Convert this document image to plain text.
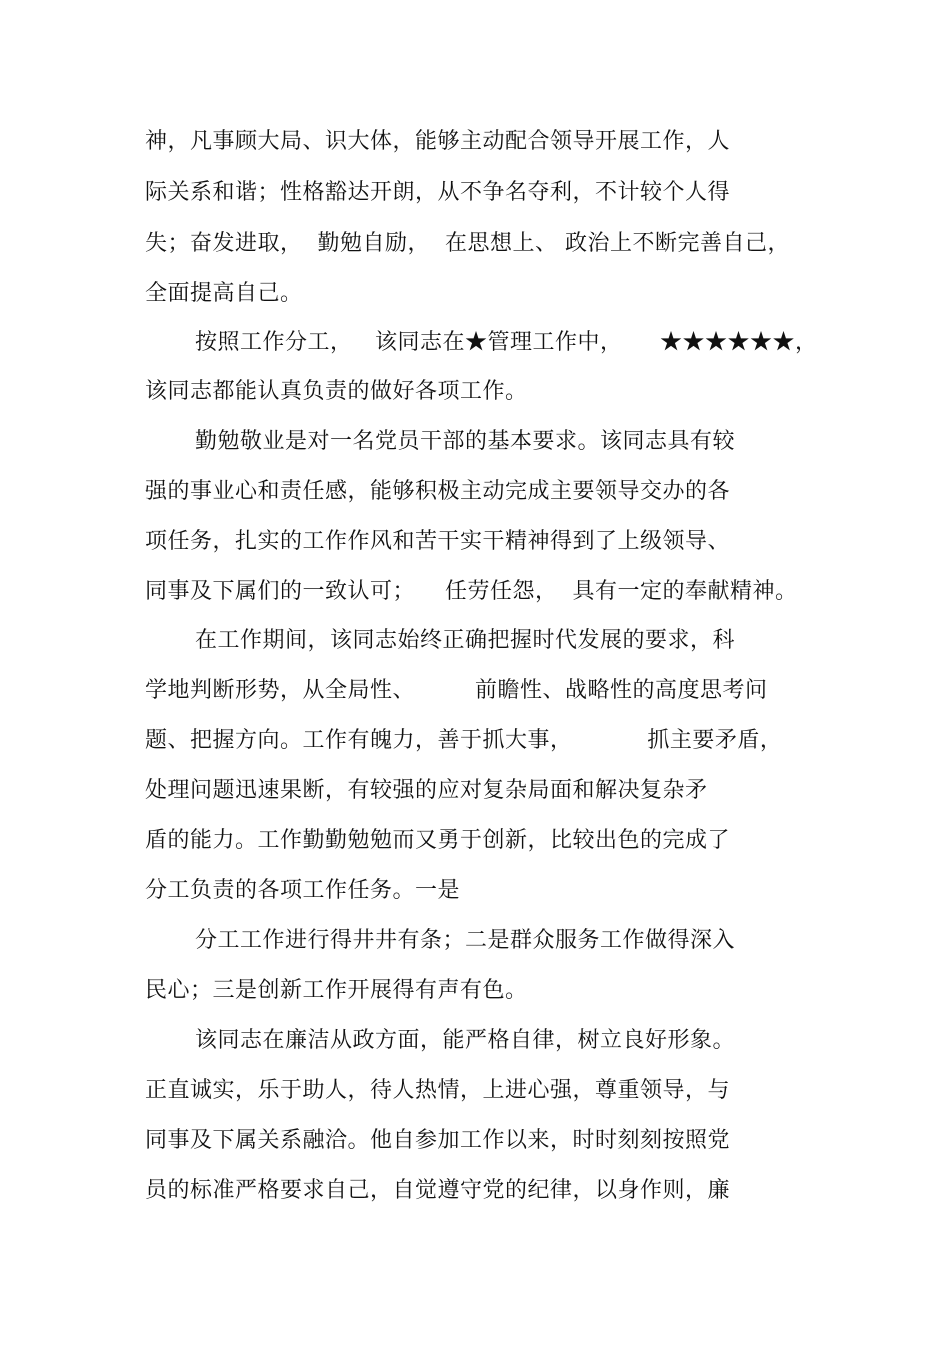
神，凡事顾大局、识大体，能够主动配合领导开展工作，人
际关系和谐；性格豁达开朗，从不争名夺利，不计较个人得
失；奋发进取，  勤勉自励，  在思想上、 政治上不断完善自己，
全面提高自己。
按照工作分工，   该同志在★管理工作中，     ★★★★★★，
该同志都能认真负责的做好各项工作。
勤勉敬业是对一名党员干部的基本要求。该同志具有较
强的事业心和责任感，能够积极主动完成主要领导交办的各
项任务，扎实的工作作风和苦干实干精神得到了上级领导、
同事及下属们的一致认可；    任劳任怨，  具有一定的奉献精神。
在工作期间，该同志始终正确把握时代发展的要求，科
学地判断形势，从全局性、        前瞻性、战略性的高度思考问
题、把握方向。工作有魄力，善于抓大事，          抓主要矛盾，
处理问题迅速果断，有较强的应对复杂局面和解决复杂矛
盾的能力。工作勤勤勉勉而又勇于创新，比较出色的完成了
分工负责的各项工作任务。一是
分工工作进行得井井有条；二是群众服务工作做得深入
民心；三是创新工作开展得有声有色。
该同志在廉洁从政方面，能严格自律，树立良好形象。
正直诚实，乐于助人，待人热情，上进心强，尊重领导，与
同事及下属关系融洽。他自参加工作以来，时时刻刻按照党
员的标准严格要求自己，自觉遵守党的纪律，以身作则，廉
